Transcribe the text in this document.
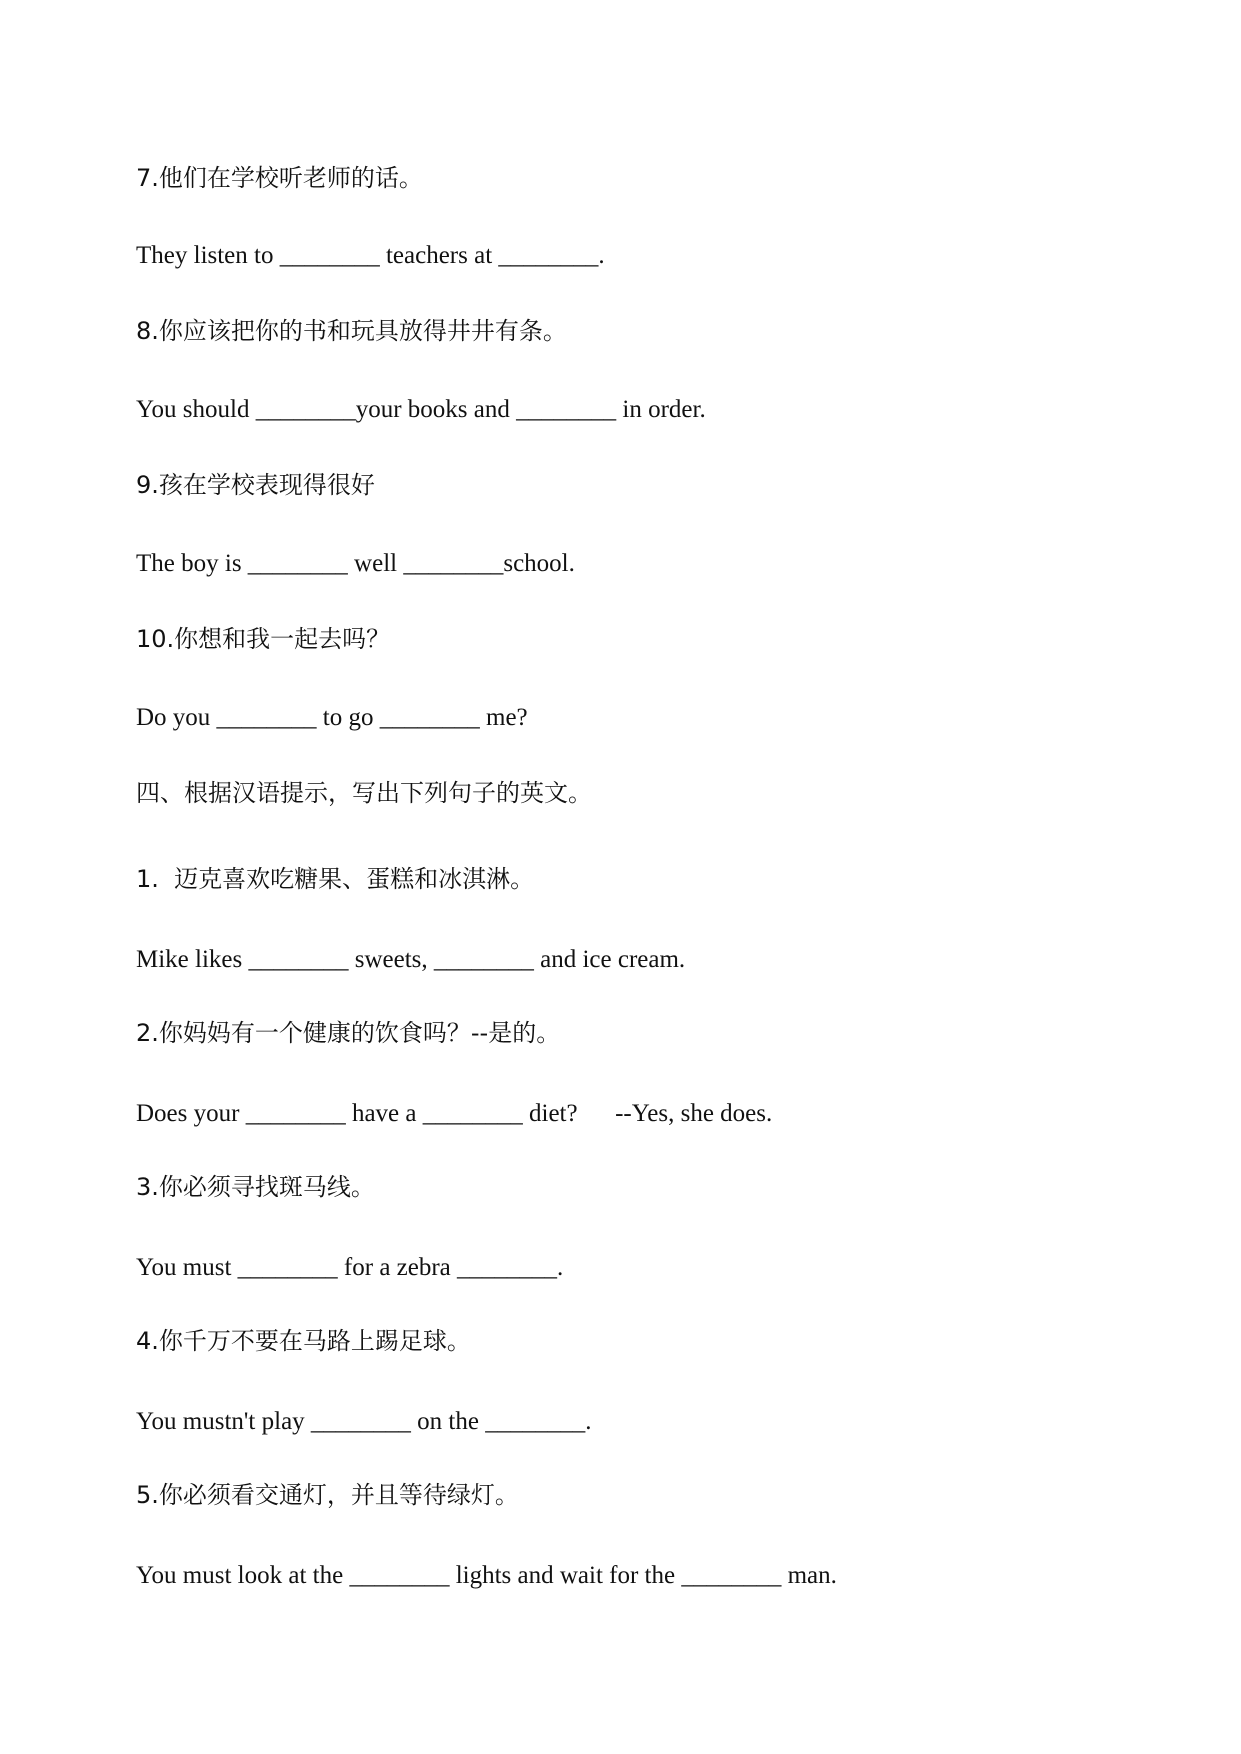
7.他们在学校听老师的话。

They listen to ________ teachers at ________.

8.你应该把你的书和玩具放得井井有条。

You should ________your books and ________ in order.

9.孩在学校表现得很好

The boy is ________ well ________school.

10.你想和我一起去吗？

Do you ________ to go ________ me?

四、根据汉语提示，写出下列句子的英文。

1.  迈克喜欢吃糖果、蛋糕和冰淇淋。

Mike likes ________ sweets, ________ and ice cream.

2.你妈妈有一个健康的饮食吗？--是的。

Does your ________ have a ________ diet?      --Yes, she does.

3.你必须寻找斑马线。

You must ________ for a zebra ________.

4.你千万不要在马路上踢足球。

You mustn't play ________ on the ________.

5.你必须看交通灯，并且等待绿灯。

You must look at the ________ lights and wait for the ________ man.
